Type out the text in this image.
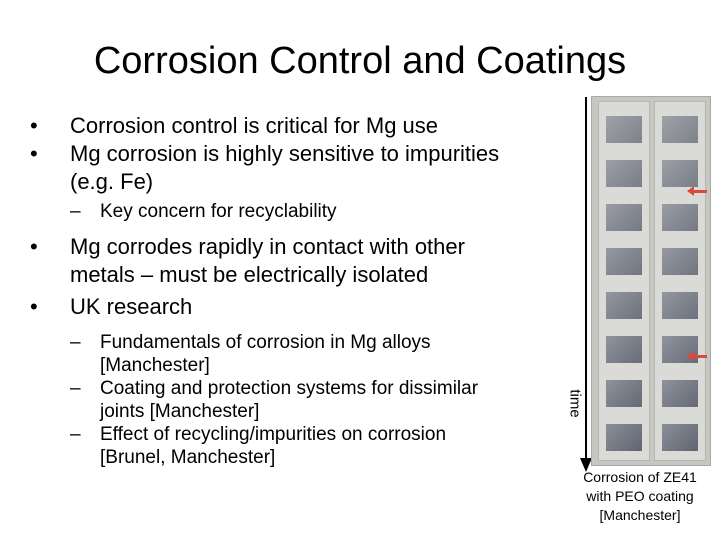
Corrosion Control and Coatings
• Corrosion control is critical for Mg use
• Mg corrosion is highly sensitive to impurities
(e.g. Fe)
– Key concern for recyclability
• Mg corrodes rapidly in contact with other
metals – must be electrically isolated
• UK research
– Fundamentals of corrosion in Mg alloys
[Manchester]
– Coating and protection systems for dissimilar
joints [Manchester]
– Effect of recycling/impurities on corrosion
[Brunel, Manchester]
time
Corrosion of ZE41
with PEO coating
[Manchester]
